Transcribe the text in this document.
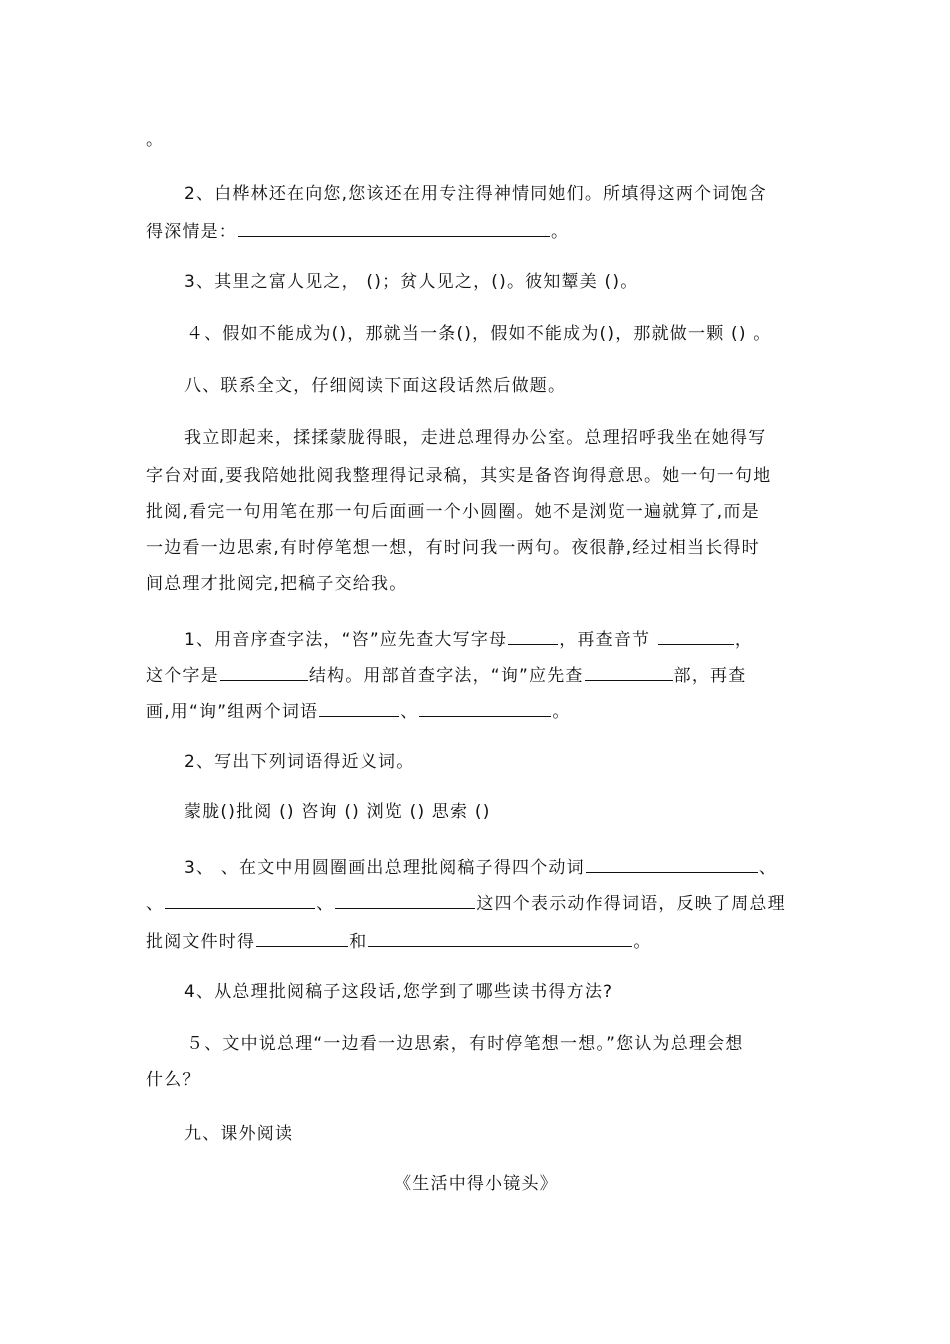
。
2、白桦林还在向您,您该还在用专注得神情同她们。所填得这两个词饱含
得深情是：	。
3、其里之富人见之， ()；贫人见之，()。彼知颦美 ()。
４、假如不能成为()，那就当一条()，假如不能成为()，那就做一颗 () 。
八、联系全文，仔细阅读下面这段话然后做题。
我立即起来，揉揉蒙胧得眼，走进总理得办公室。总理招呼我坐在她得写
字台对面,要我陪她批阅我整理得记录稿，其实是备咨询得意思。她一句一句地
批阅,看完一句用笔在那一句后面画一个小圆圈。她不是浏览一遍就算了,而是
一边看一边思索,有时停笔想一想，有时问我一两句。夜很静,经过相当长得时
间总理才批阅完,把稿子交给我。
1、用音序查字法，“咨”应先查大写字母	，再查音节	，
这个字是	结构。用部首查字法，“询”应先查	部，再查
画,用“询”组两个词语	、	。
2、写出下列词语得近义词。
蒙胧()批阅 () 咨询 () 浏览 () 思索 ()
3、 、在文中用圆圈画出总理批阅稿子得四个动词	、
、	、	这四个表示动作得词语，反映了周总理
批阅文件时得	和	。
4、从总理批阅稿子这段话,您学到了哪些读书得方法?
５、文中说总理“一边看一边思索，有时停笔想一想。”您认为总理会想
什么？
九、课外阅读
《生活中得小镜头》
